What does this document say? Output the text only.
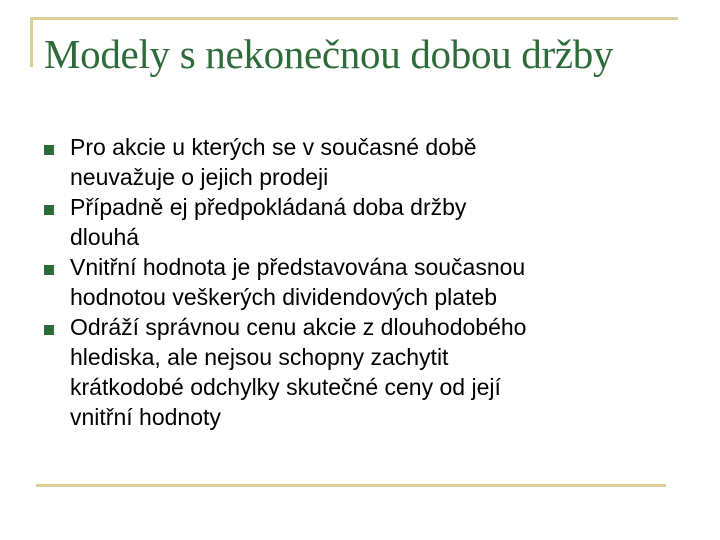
Modely s nekonečnou dobou držby
Pro akcie u kterých se v současné době
neuvažuje o jejich prodeji
Případně ej předpokládaná doba držby
dlouhá
Vnitřní hodnota je představována současnou
hodnotou veškerých dividendových plateb
Odráží správnou cenu akcie z dlouhodobého
hlediska, ale nejsou schopny zachytit
krátkodobé odchylky skutečné ceny od její
vnitřní hodnoty
